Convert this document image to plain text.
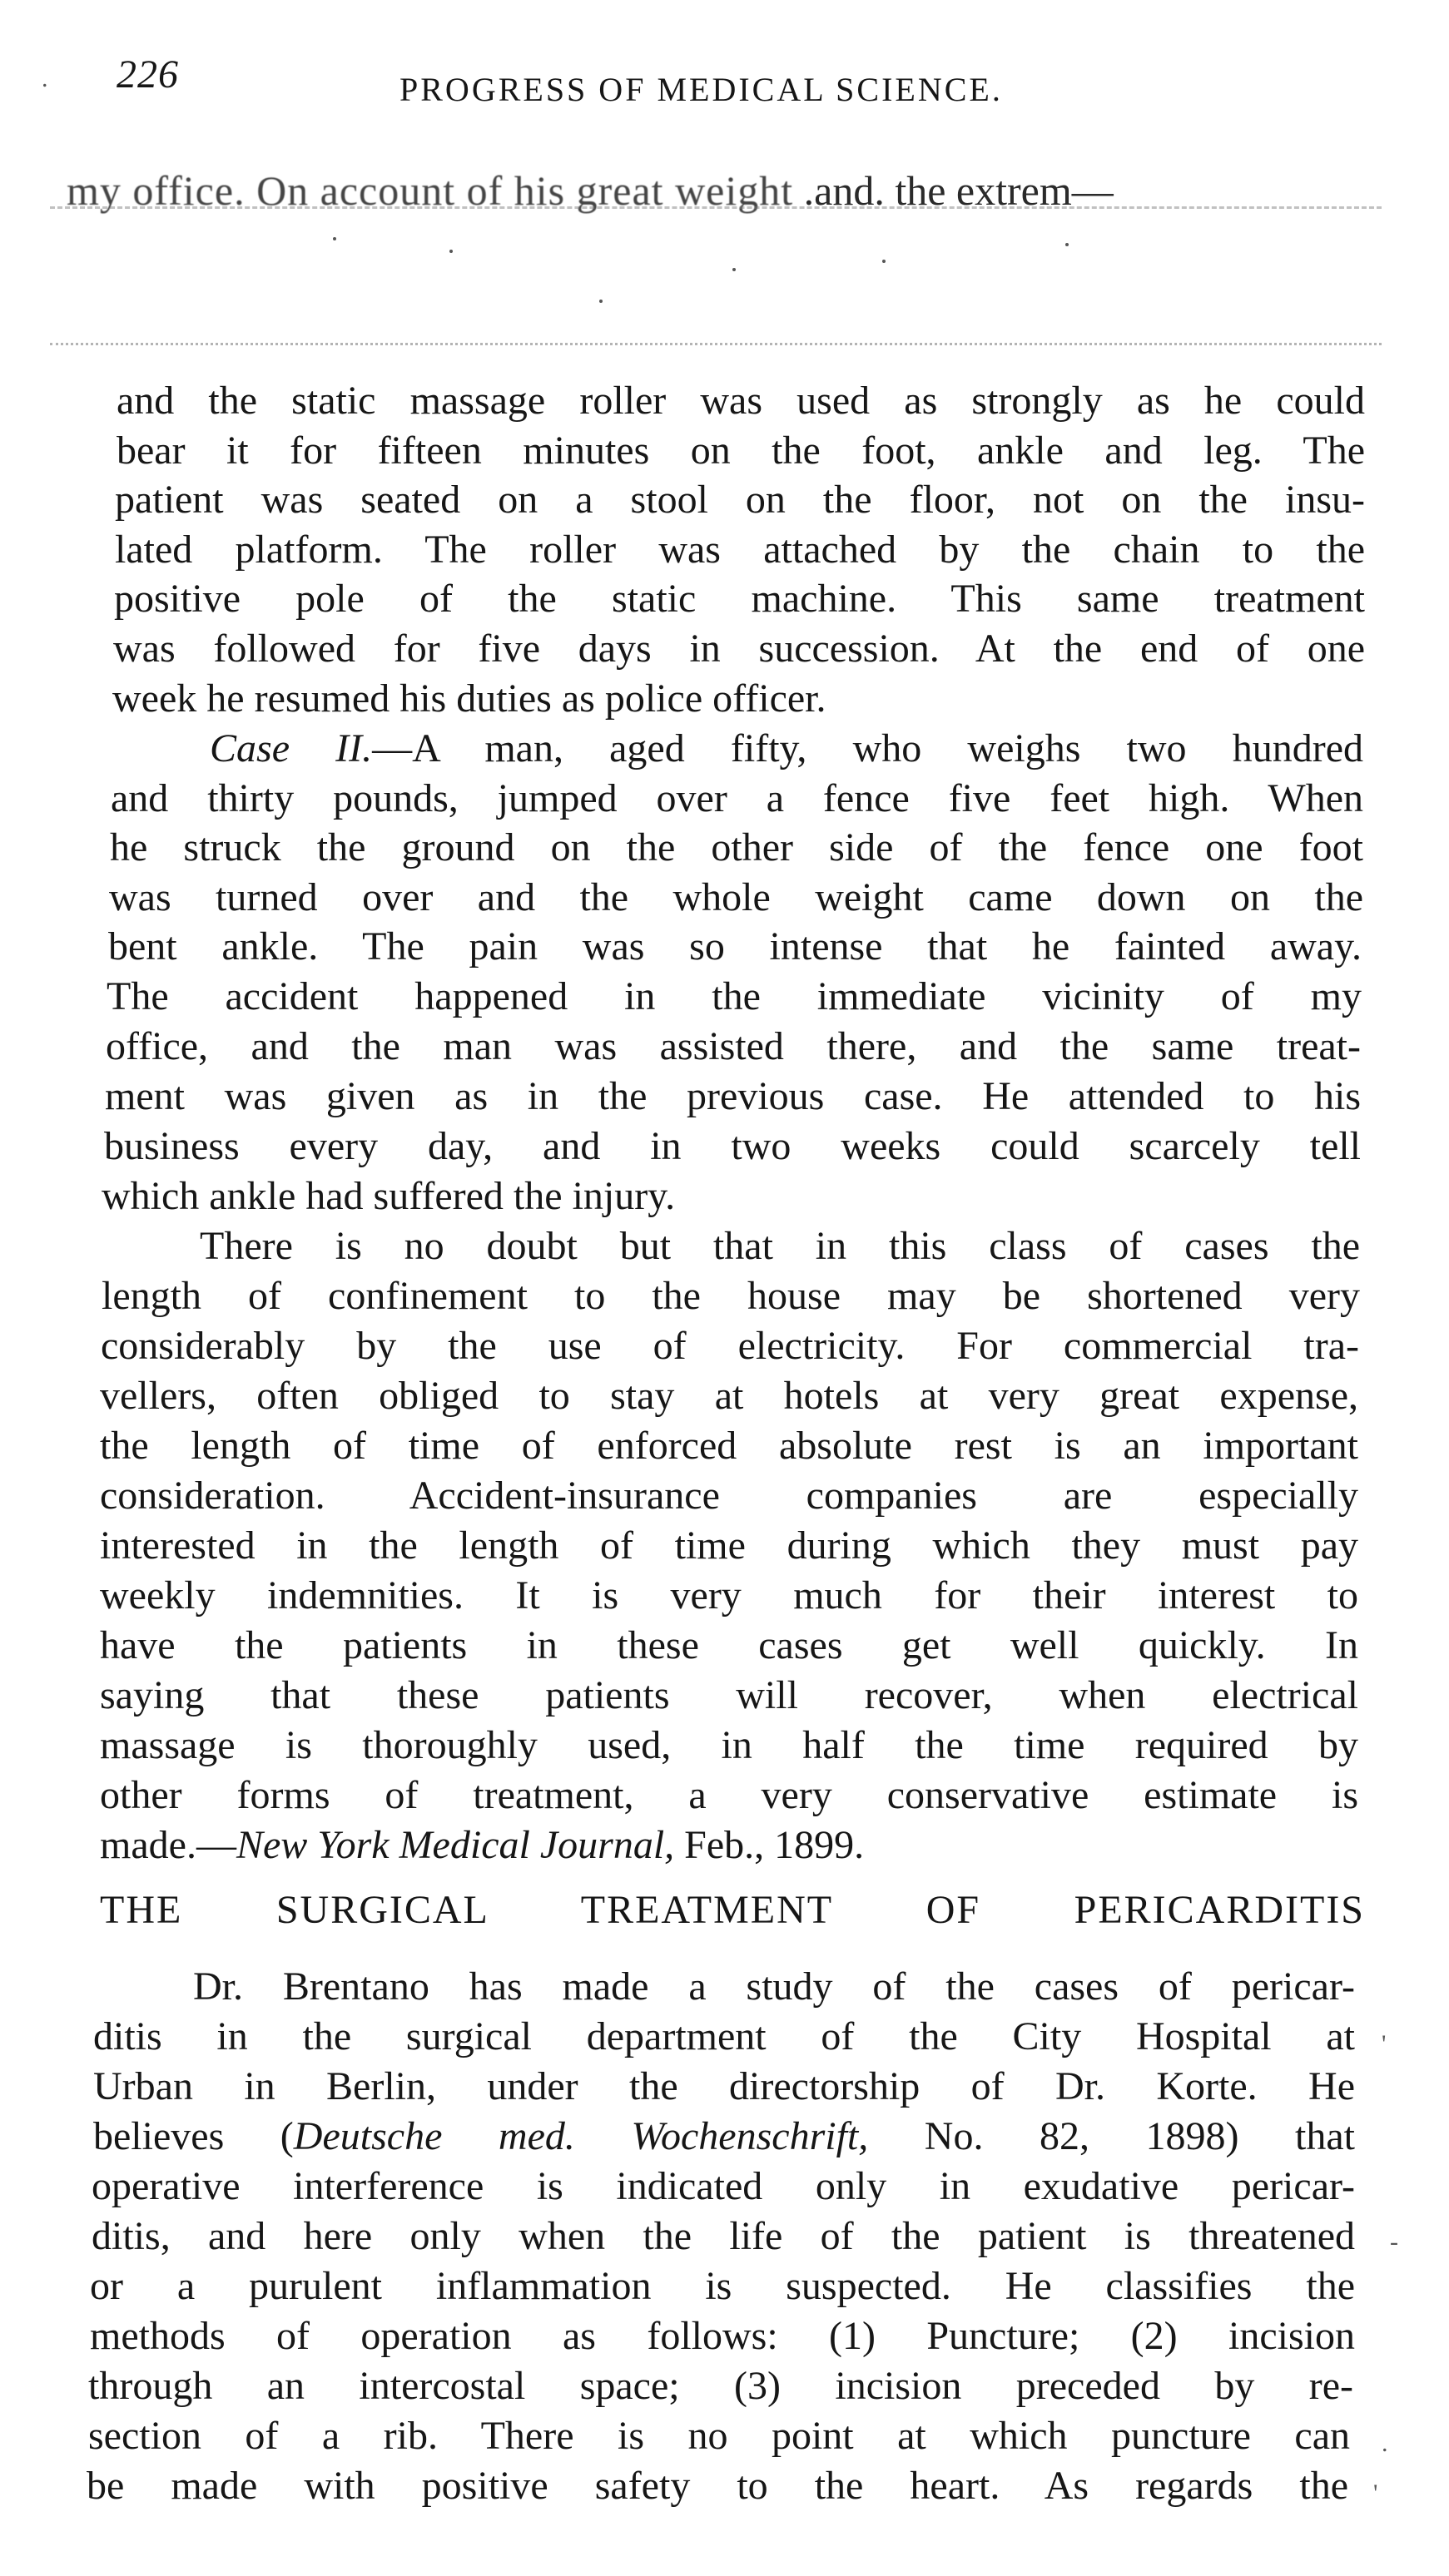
226	PROGRESS OF MEDICAL SCIENCE.
my office. On account of his great weight .and. the extrem—
and the static massage roller was used as strongly as he could
bear it for fifteen minutes on the foot, ankle and leg. The
patient was seated on a stool on the floor, not on the insu-
lated platform. The roller was attached by the chain to the
positive pole of the static machine. This same treatment
was followed for five days in succession. At the end of one
week he resumed his duties as police officer.
Case II.—A man, aged fifty, who weighs two hundred
and thirty pounds, jumped over a fence five feet high. When
he struck the ground on the other side of the fence one foot
was turned over and the whole weight came down on the
bent ankle. The pain was so intense that he fainted away.
The accident happened in the immediate vicinity of my
office, and the man was assisted there, and the same treat-
ment was given as in the previous case. He attended to his
business every day, and in two weeks could scarcely tell
which ankle had suffered the injury.
There is no doubt but that in this class of cases the
length of confinement to the house may be shortened very
considerably by the use of electricity. For commercial tra-
vellers, often obliged to stay at hotels at very great expense,
the length of time of enforced absolute rest is an important
consideration. Accident-insurance companies are especially
interested in the length of time during which they must pay
weekly indemnities. It is very much for their interest to
have the patients in these cases get well quickly. In
saying that these patients will recover, when electrical
massage is thoroughly used, in half the time required by
other forms of treatment, a very conservative estimate is
made.—New York Medical Journal, Feb., 1899.
THE SURGICAL TREATMENT OF PERICARDITIS
Dr. Brentano has made a study of the cases of pericar-
ditis in the surgical department of the City Hospital at
Urban in Berlin, under the directorship of Dr. Korte. He
believes (Deutsche med. Wochenschrift, No. 82, 1898) that
operative interference is indicated only in exudative pericar-
ditis, and here only when the life of the patient is threatened
or a purulent inflammation is suspected. He classifies the
methods of operation as follows: (1) Puncture; (2) incision
through an intercostal space; (3) incision preceded by re-
section of a rib. There is no point at which puncture can
be made with positive safety to the heart. As regards the
'
-
.
'
.
